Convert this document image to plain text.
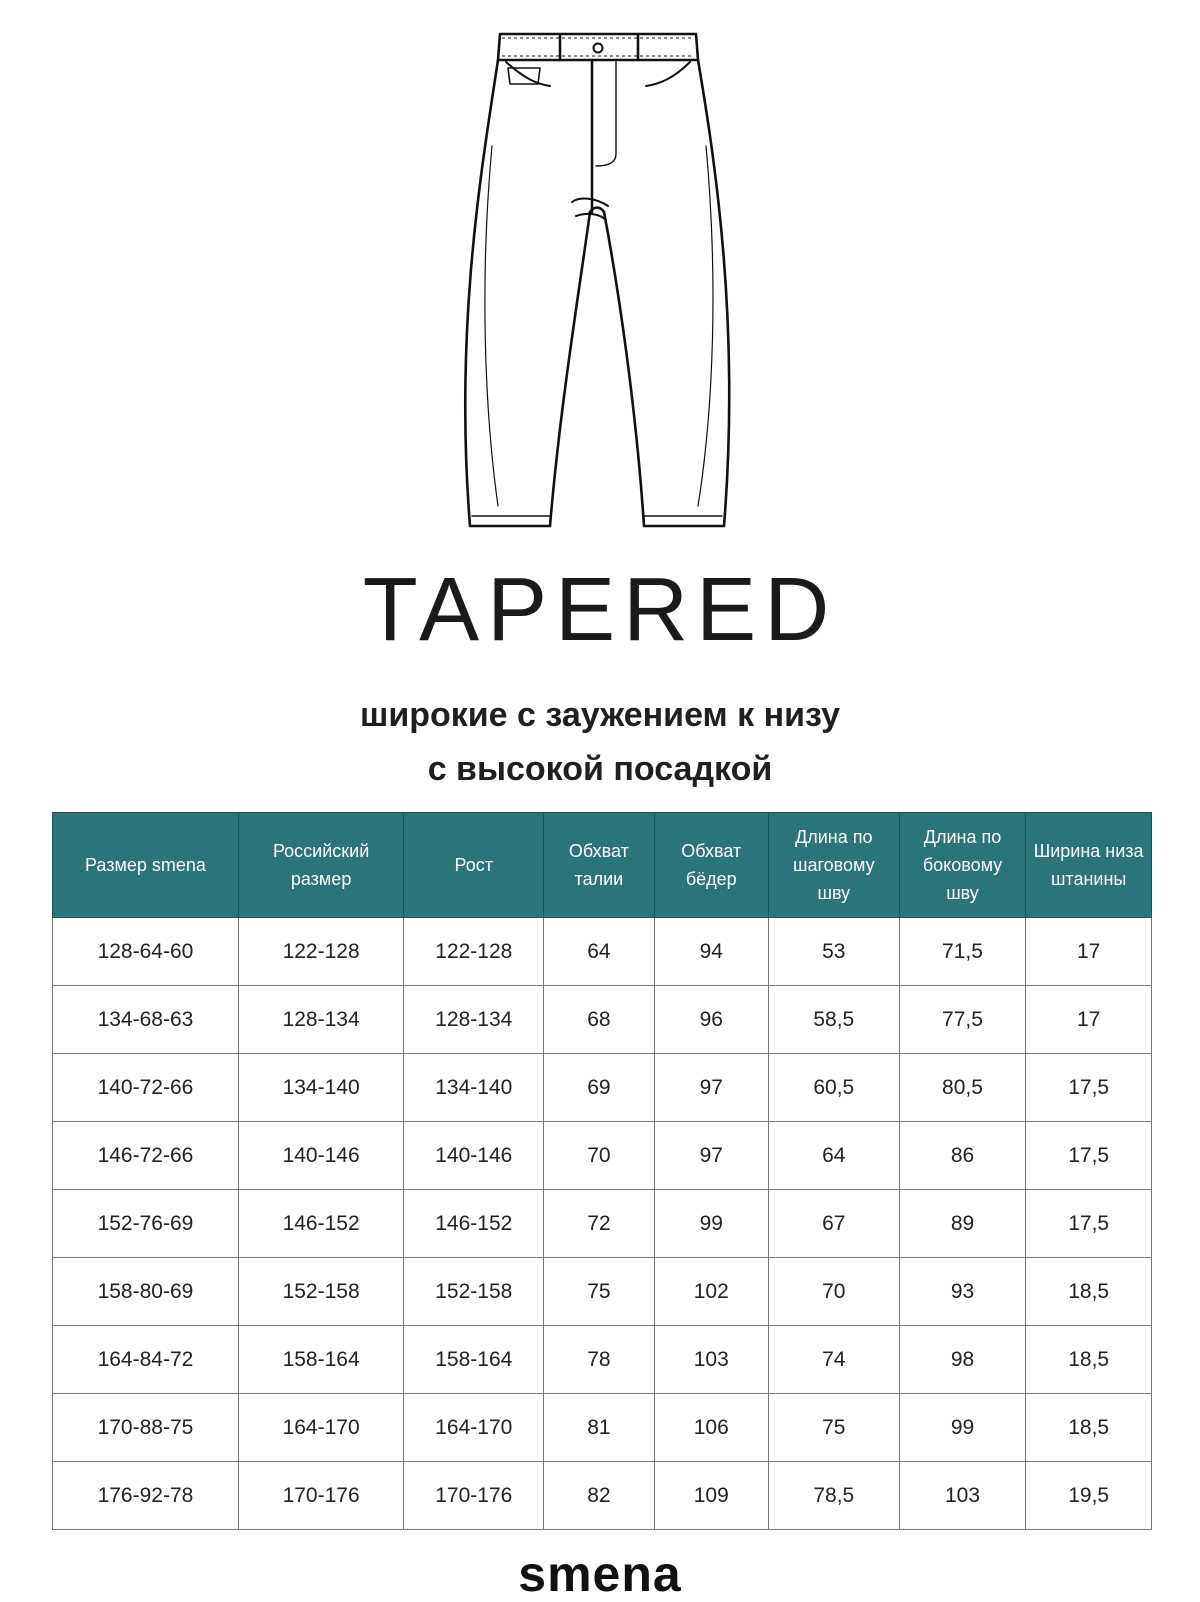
TAPERED
широкие с заужением к низу
с высокой посадкой
Размер smena	Российский размер	Рост	Обхват талии	Обхват бёдер	Длина по шаговому шву	Длина по боковому шву	Ширина низа штанины
128-64-60	122-128	122-128	64	94	53	71,5	17
134-68-63	128-134	128-134	68	96	58,5	77,5	17
140-72-66	134-140	134-140	69	97	60,5	80,5	17,5
146-72-66	140-146	140-146	70	97	64	86	17,5
152-76-69	146-152	146-152	72	99	67	89	17,5
158-80-69	152-158	152-158	75	102	70	93	18,5
164-84-72	158-164	158-164	78	103	74	98	18,5
170-88-75	164-170	164-170	81	106	75	99	18,5
176-92-78	170-176	170-176	82	109	78,5	103	19,5
smena
